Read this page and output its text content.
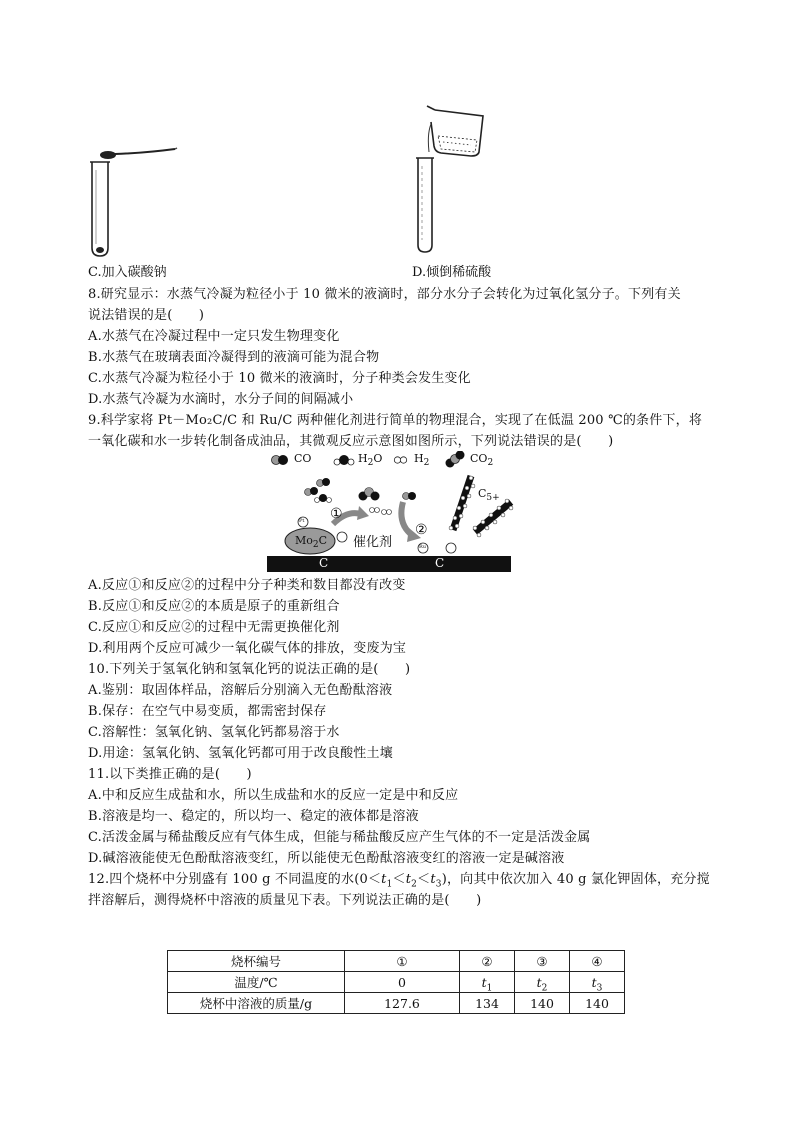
C.加入碳酸钠	D.倾倒稀硫酸
8.研究显示：水蒸气冷凝为粒径小于 10 微米的液滴时，部分水分子会转化为过氧化氢分子。下列有关
说法错误的是(　　)
A.水蒸气在冷凝过程中一定只发生物理变化
B.水蒸气在玻璃表面冷凝得到的液滴可能为混合物
C.水蒸气冷凝为粒径小于 10 微米的液滴时，分子种类会发生变化
D.水蒸气冷凝为水滴时，水分子间的间隔减小
9.科学家将 Pt－Mo₂C/C 和 Ru/C 两种催化剂进行简单的物理混合，实现了在低温 200 ℃的条件下，将
一氧化碳和水一步转化制备成油品，其微观反应示意图如图所示，下列说法错误的是(　　)
CO	$H_2O$	$H_2$	$CO_2$
$C_{5+}$
①
②
$Mo_2C$ 催化剂
Pt
Ru
C	C
A.反应①和反应②的过程中分子种类和数目都没有改变
B.反应①和反应②的本质是原子的重新组合
C.反应①和反应②的过程中无需更换催化剂
D.利用两个反应可减少一氧化碳气体的排放，变废为宝
10.下列关于氢氧化钠和氢氧化钙的说法正确的是(　　)
A.鉴别：取固体样品，溶解后分别滴入无色酚酞溶液
B.保存：在空气中易变质，都需密封保存
C.溶解性：氢氧化钠、氢氧化钙都易溶于水
D.用途：氢氧化钠、氢氧化钙都可用于改良酸性土壤
11.以下类推正确的是(　　)
A.中和反应生成盐和水，所以生成盐和水的反应一定是中和反应
B.溶液是均一、稳定的，所以均一、稳定的液体都是溶液
C.活泼金属与稀盐酸反应有气体生成，但能与稀盐酸反应产生气体的不一定是活泼金属
D.碱溶液能使无色酚酞溶液变红，所以能使无色酚酞溶液变红的溶液一定是碱溶液
12.四个烧杯中分别盛有 100 g 不同温度的水$(0<t_1<t_2<t_3)$，向其中依次加入 40 g 氯化钾固体，充分搅
拌溶解后，测得烧杯中溶液的质量见下表。下列说法正确的是(　　)
烧杯编号	①	②	③	④
温度/℃	0	$t_1$	$t_2$	$t_3$
烧杯中溶液的质量/g	127.6	134	140	140
